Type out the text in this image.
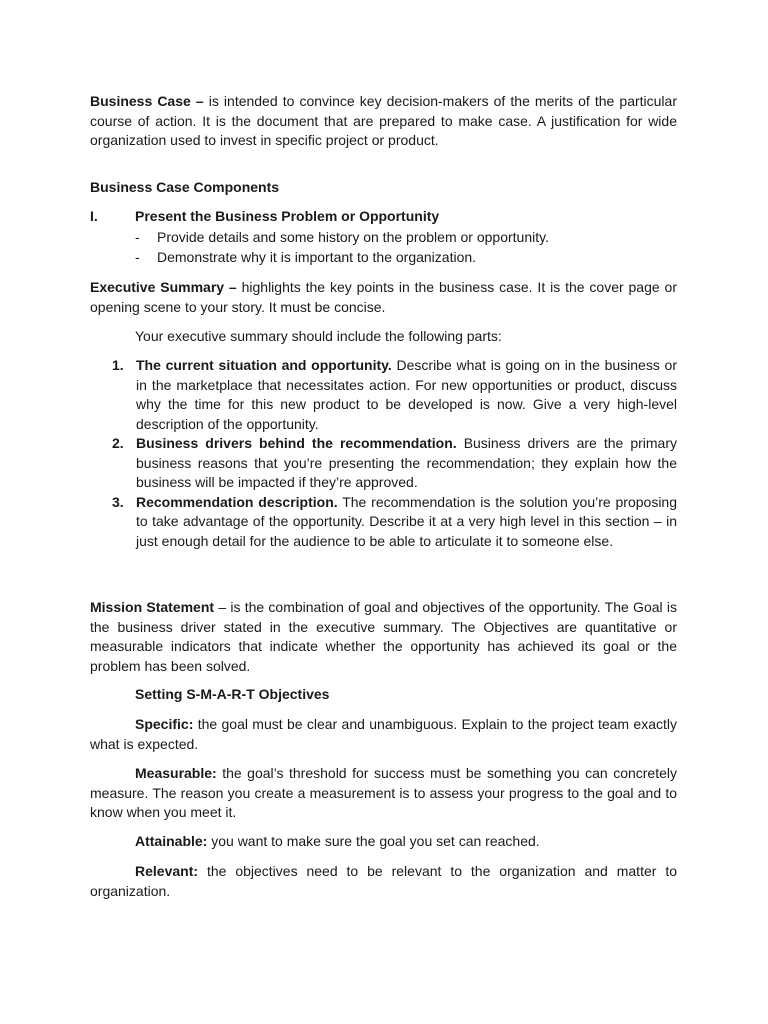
Business Case – is intended to convince key decision-makers of the merits of the particular course of action. It is the document that are prepared to make case. A justification for wide organization used to invest in specific project or product.

Business Case Components

I.	Present the Business Problem or Opportunity
- Provide details and some history on the problem or opportunity.
- Demonstrate why it is important to the organization.

Executive Summary – highlights the key points in the business case. It is the cover page or opening scene to your story. It must be concise.

Your executive summary should include the following parts:

1. The current situation and opportunity. Describe what is going on in the business or in the marketplace that necessitates action. For new opportunities or product, discuss why the time for this new product to be developed is now. Give a very high-level description of the opportunity.
2. Business drivers behind the recommendation. Business drivers are the primary business reasons that you’re presenting the recommendation; they explain how the business will be impacted if they’re approved.
3. Recommendation description. The recommendation is the solution you’re proposing to take advantage of the opportunity. Describe it at a very high level in this section – in just enough detail for the audience to be able to articulate it to someone else.

Mission Statement – is the combination of goal and objectives of the opportunity. The Goal is the business driver stated in the executive summary. The Objectives are quantitative or measurable indicators that indicate whether the opportunity has achieved its goal or the problem has been solved.

Setting S-M-A-R-T Objectives

Specific: the goal must be clear and unambiguous. Explain to the project team exactly what is expected.

Measurable: the goal’s threshold for success must be something you can concretely measure. The reason you create a measurement is to assess your progress to the goal and to know when you meet it.

Attainable: you want to make sure the goal you set can reached.

Relevant: the objectives need to be relevant to the organization and matter to organization.
